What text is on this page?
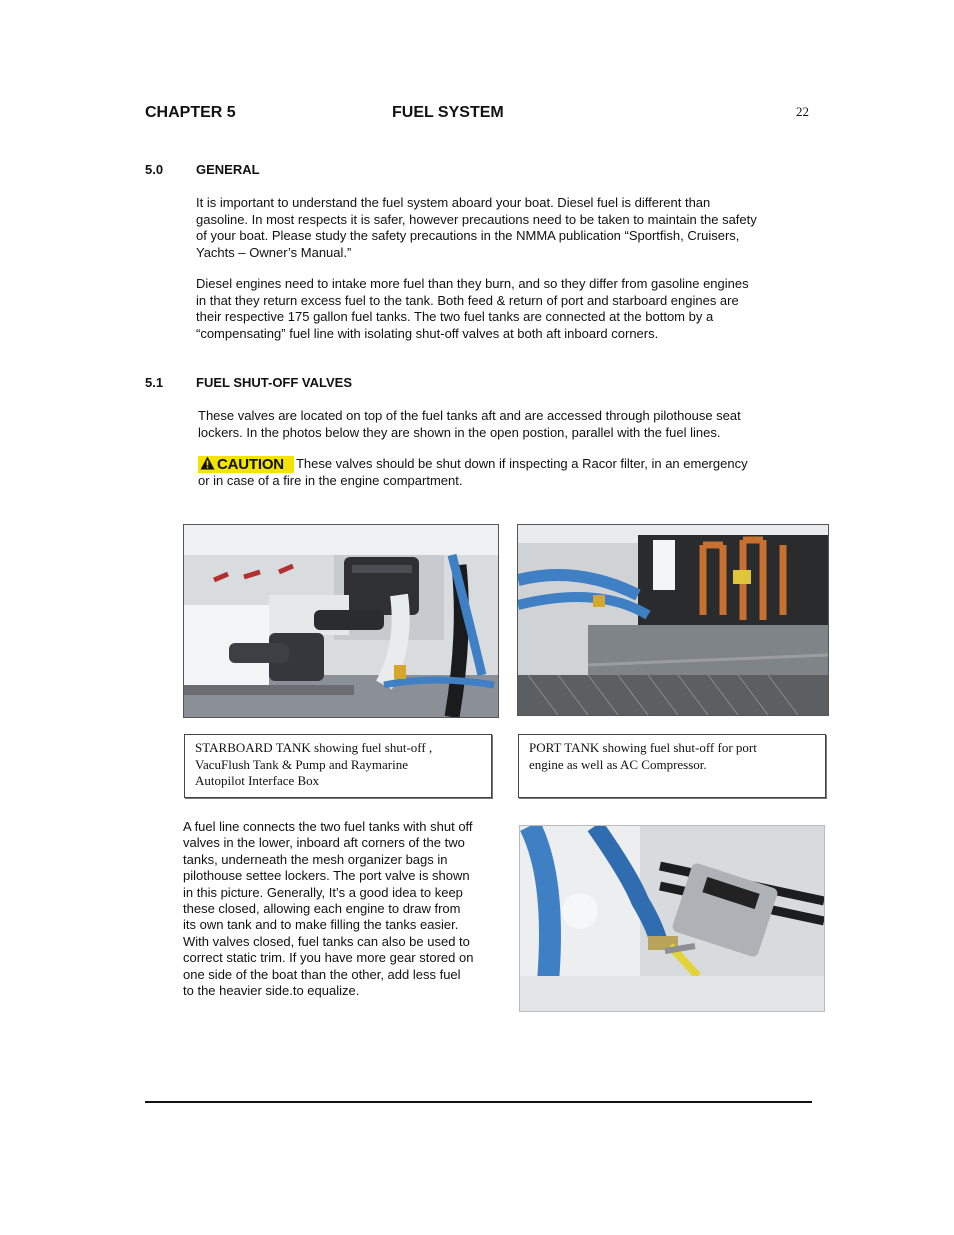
CHAPTER 5	FUEL SYSTEM	22
5.0	GENERAL
It is important to understand the fuel system aboard your boat. Diesel fuel is different than
gasoline. In most respects it is safer, however precautions need to be taken to maintain the safety
of your boat. Please study the safety precautions in the NMMA publication “Sportfish, Cruisers,
Yachts – Owner’s Manual.”
Diesel engines need to intake more fuel than they burn, and so they differ from gasoline engines
in that they return excess fuel to the tank. Both feed & return of port and starboard engines are
their respective 175 gallon fuel tanks. The two fuel tanks are connected at the bottom by a
“compensating” fuel line with isolating shut-off valves at both aft inboard corners.
5.1	FUEL SHUT-OFF VALVES
These valves are located on top of the fuel tanks aft and are accessed through pilothouse seat
lockers. In the photos below they are shown in the open postion, parallel with the fuel lines.
CAUTION These valves should be shut down if inspecting a Racor filter, in an emergency
or in case of a fire in the engine compartment.
STARBOARD TANK showing fuel shut-off ,
VacuFlush Tank & Pump and Raymarine
Autopilot Interface Box
PORT TANK showing fuel shut-off for port
engine as well as AC Compressor.
A fuel line connects the two fuel tanks with shut off
valves in the lower, inboard aft corners of the two
tanks, underneath the mesh organizer bags in
pilothouse settee lockers. The port valve is shown
in this picture. Generally, It’s a good idea to keep
these closed, allowing each engine to draw from
its own tank and to make filling the tanks easier.
With valves closed, fuel tanks can also be used to
correct static trim. If you have more gear stored on
one side of the boat than the other, add less fuel
to the heavier side.to equalize.
